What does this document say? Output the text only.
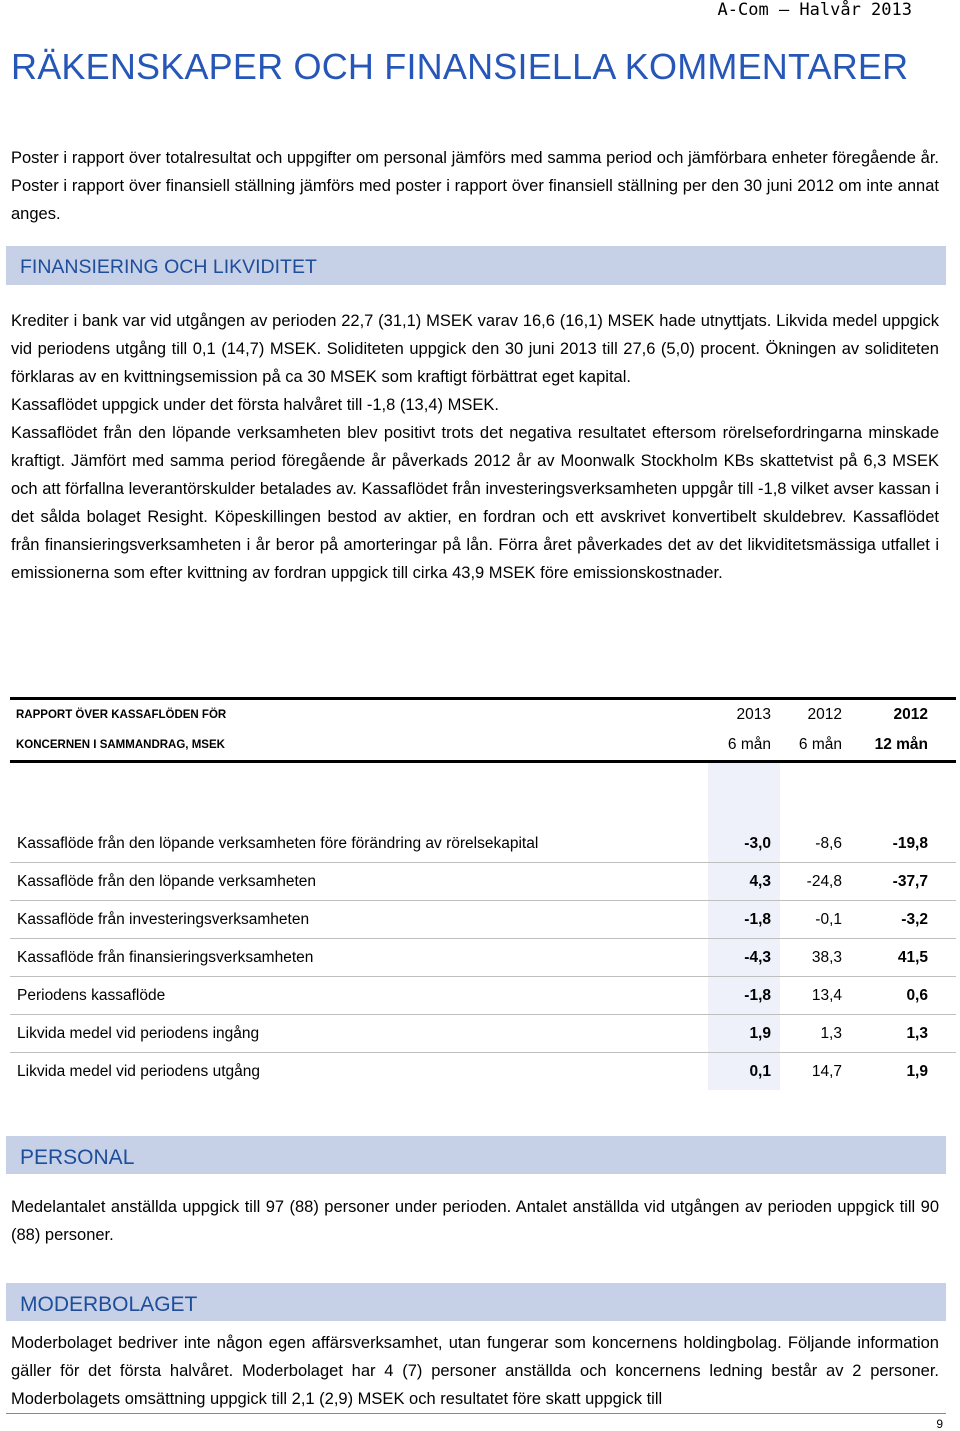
A-Com – Halvår 2013
RÄKENSKAPER OCH FINANSIELLA KOMMENTARER

Poster i rapport över totalresultat och uppgifter om personal jämförs med samma period och jämförbara enheter föregående år. Poster i rapport över finansiell ställning jämförs med poster i rapport över finansiell ställning per den 30 juni 2012 om inte annat anges.

FINANSIERING OCH LIKVIDITET

Krediter i bank var vid utgången av perioden 22,7 (31,1) MSEK varav 16,6 (16,1) MSEK hade utnyttjats. Likvida medel uppgick vid periodens utgång till 0,1 (14,7) MSEK. Soliditeten uppgick den 30 juni 2013 till 27,6 (5,0) procent. Ökningen av soliditeten förklaras av en kvittningsemission på ca 30 MSEK som kraftigt förbättrat eget kapital.

Kassaflödet uppgick under det första halvåret till -1,8 (13,4) MSEK.

Kassaflödet från den löpande verksamheten blev positivt trots det negativa resultatet eftersom rörelsefordringarna minskade kraftigt. Jämfört med samma period föregående år påverkads 2012 år av Moonwalk Stockholm KBs skattetvist på 6,3 MSEK och att förfallna leverantörskulder betalades av. Kassaflödet från investeringsverksamheten uppgår till -1,8 vilket avser kassan i det sålda bolaget Resight. Köpeskillingen bestod av aktier, en fordran och ett avskrivet konvertibelt skuldebrev. Kassaflödet från finansieringsverksamheten i år beror på amorteringar på lån. Förra året påverkades det av det likviditetsmässiga utfallet i emissionerna som efter kvittning av fordran uppgick till cirka 43,9 MSEK före emissionskostnader.

RAPPORT ÖVER KASSAFLÖDEN FÖR	2013	2012	2012
KONCERNEN I SAMMANDRAG, MSEK	6 mån	6 mån	12 mån

Kassaflöde från den löpande verksamheten före förändring av rörelsekapital	-3,0	-8,6	-19,8
Kassaflöde från den löpande verksamheten	4,3	-24,8	-37,7
Kassaflöde från investeringsverksamheten	-1,8	-0,1	-3,2
Kassaflöde från finansieringsverksamheten	-4,3	38,3	41,5
Periodens kassaflöde	-1,8	13,4	0,6
Likvida medel vid periodens ingång	1,9	1,3	1,3
Likvida medel vid periodens utgång	0,1	14,7	1,9
PERSONAL

Medelantalet anställda uppgick till 97 (88) personer under perioden. Antalet anställda vid utgången av perioden uppgick till 90 (88) personer.

MODERBOLAGET

Moderbolaget bedriver inte någon egen affärsverksamhet, utan fungerar som koncernens holdingbolag. Följande information gäller för det första halvåret. Moderbolaget har 4 (7) personer anställda och koncernens ledning består av 2 personer. Moderbolagets omsättning uppgick till 2,1 (2,9) MSEK och resultatet före skatt uppgick till

9
